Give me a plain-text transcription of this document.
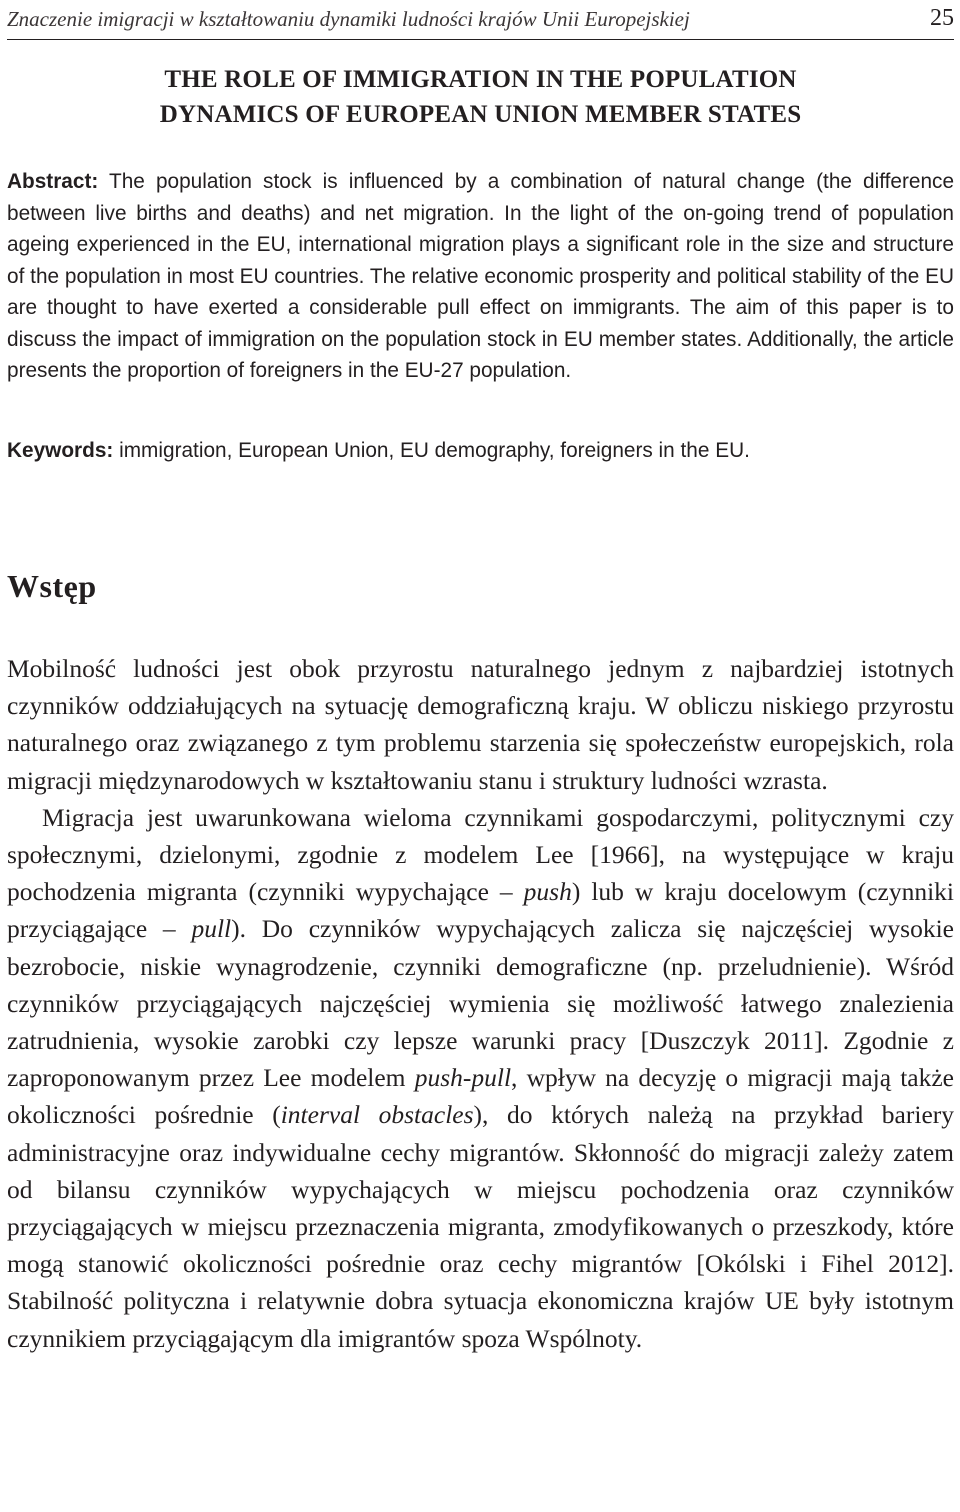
Znaczenie imigracji w kształtowaniu dynamiki ludności krajów Unii Europejskiej	25
THE ROLE OF IMMIGRATION IN THE POPULATION
DYNAMICS OF EUROPEAN UNION MEMBER STATES

Abstract: The population stock is influenced by a combination of natural change (the difference between live births and deaths) and net migration. In the light of the on-going trend of population ageing experienced in the EU, international migration plays a significant role in the size and structure of the population in most EU countries. The relative economic prosperity and political stability of the EU are thought to have exerted a considerable pull effect on immigrants. The aim of this paper is to discuss the impact of immigration on the population stock in EU member states. Additionally, the article presents the proportion of foreigners in the EU-27 population.

Keywords: immigration, European Union, EU demography, foreigners in the EU.

Wstęp

Mobilność ludności jest obok przyrostu naturalnego jednym z najbardziej istotnych czynników oddziałujących na sytuację demograficzną kraju. W obliczu niskiego przyrostu naturalnego oraz związanego z tym problemu starzenia się społeczeństw europejskich, rola migracji międzynarodowych w kształtowaniu stanu i struktury ludności wzrasta.

Migracja jest uwarunkowana wieloma czynnikami gospodarczymi, politycznymi czy społecznymi, dzielonymi, zgodnie z modelem Lee [1966], na występujące w kraju pochodzenia migranta (czynniki wypychające – push) lub w kraju docelowym (czynniki przyciągające – pull). Do czynników wypychających zalicza się najczęściej wysokie bezrobocie, niskie wynagrodzenie, czynniki demograficzne (np. przeludnienie). Wśród czynników przyciągających najczęściej wymienia się możliwość łatwego znalezienia zatrudnienia, wysokie zarobki czy lepsze warunki pracy [Duszczyk 2011]. Zgodnie z zaproponowanym przez Lee modelem push-pull, wpływ na decyzję o migracji mają także okoliczności pośrednie (interval obstacles), do których należą na przykład bariery administracyjne oraz indywidualne cechy migrantów. Skłonność do migracji zależy zatem od bilansu czynników wypychających w miejscu pochodzenia oraz czynników przyciągających w miejscu przeznaczenia migranta, zmodyfikowanych o przeszkody, które mogą stanowić okoliczności pośrednie oraz cechy migrantów [Okólski i Fihel 2012]. Stabilność polityczna i relatywnie dobra sytuacja ekonomiczna krajów UE były istotnym czynnikiem przyciągającym dla imigrantów spoza Wspólnoty.
